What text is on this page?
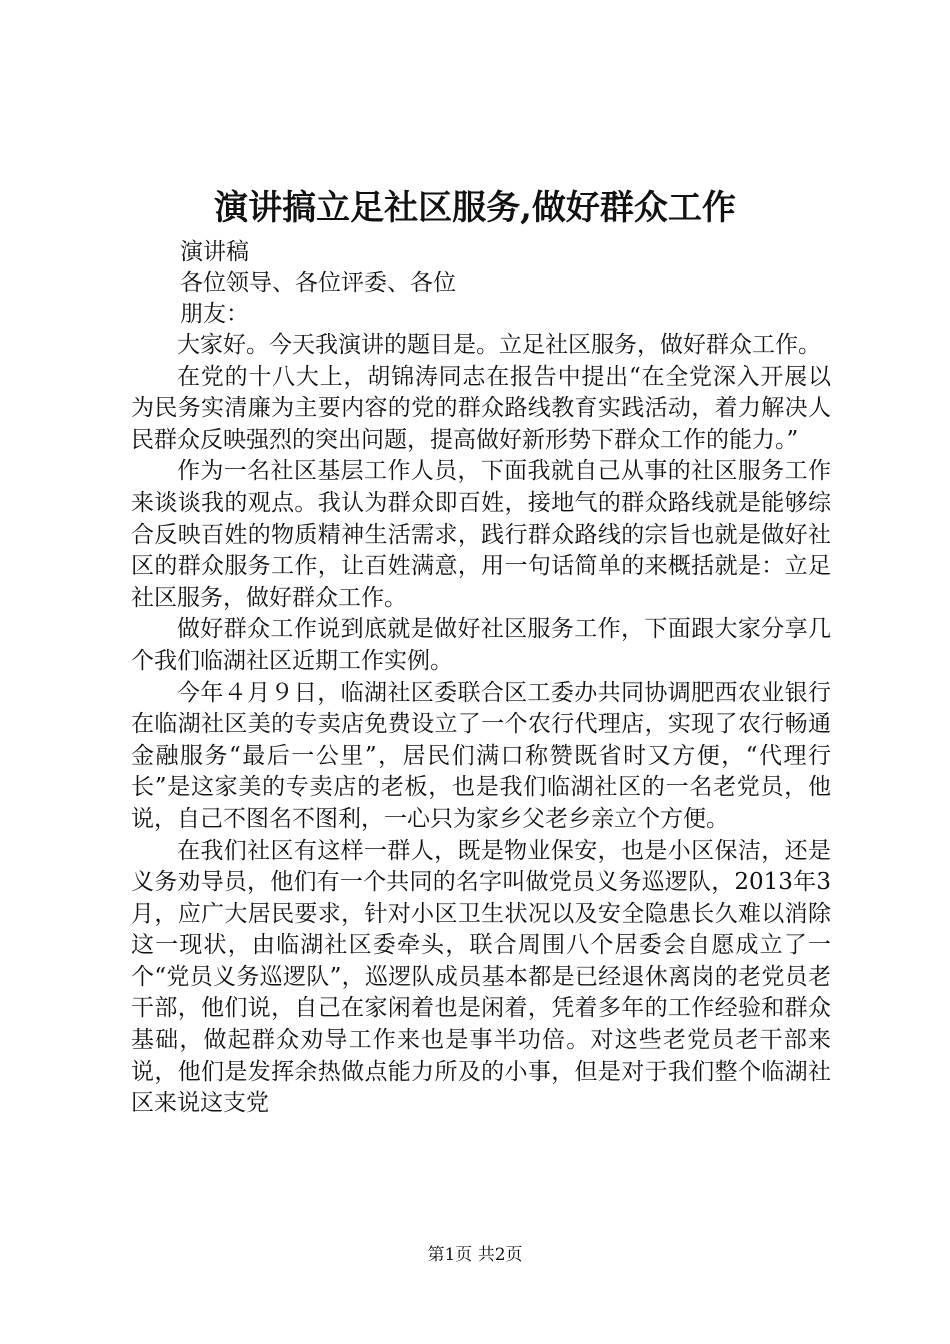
演讲搞立足社区服务,做好群众工作
演讲稿
各位领导、各位评委、各位
朋友：

大家好。今天我演讲的题目是。立足社区服务，做好群众工作。

在党的十八大上，胡锦涛同志在报告中提出“在全党深入开展以为民务实清廉为主要内容的党的群众路线教育实践活动，着力解决人民群众反映强烈的突出问题，提高做好新形势下群众工作的能力。”

作为一名社区基层工作人员，下面我就自己从事的社区服务工作来谈谈我的观点。我认为群众即百姓，接地气的群众路线就是能够综合反映百姓的物质精神生活需求，践行群众路线的宗旨也就是做好社区的群众服务工作，让百姓满意，用一句话简单的来概括就是：立足社区服务，做好群众工作。

做好群众工作说到底就是做好社区服务工作，下面跟大家分享几个我们临湖社区近期工作实例。

今年４月９日，临湖社区委联合区工委办共同协调肥西农业银行在临湖社区美的专卖店免费设立了一个农行代理店，实现了农行畅通金融服务“最后一公里”，居民们满口称赞既省时又方便，“代理行长”是这家美的专卖店的老板，也是我们临湖社区的一名老党员，他说，自己不图名不图利，一心只为家乡父老乡亲立个方便。

在我们社区有这样一群人，既是物业保安，也是小区保洁，还是义务劝导员，他们有一个共同的名字叫做党员义务巡逻队，2013年3月，应广大居民要求，针对小区卫生状况以及安全隐患长久难以消除这一现状，由临湖社区委牵头，联合周围八个居委会自愿成立了一个“党员义务巡逻队”，巡逻队成员基本都是已经退休离岗的老党员老干部，他们说，自己在家闲着也是闲着，凭着多年的工作经验和群众基础，做起群众劝导工作来也是事半功倍。对这些老党员老干部来说，他们是发挥余热做点能力所及的小事，但是对于我们整个临湖社区来说这支党

第1页 共2页
